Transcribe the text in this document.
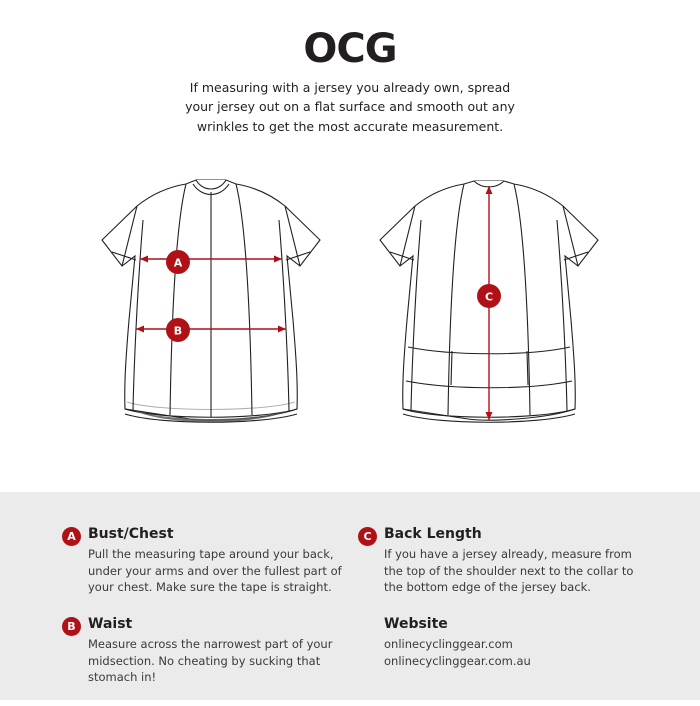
OCG
If measuring with a jersey you already own, spread your jersey out on a flat surface and smooth out any wrinkles to get the most accurate measurement.
A
B
C
A Bust/Chest

Pull the measuring tape around your back, under your arms and over the fullest part of your chest. Make sure the tape is straight.

B Waist

Measure across the narrowest part of your midsection. No cheating by sucking that stomach in!

C Back Length

If you have a jersey already, measure from the top of the shoulder next to the collar to the bottom edge of the jersey back.

Website

onlinecyclinggear.com

onlinecyclinggear.com.au
